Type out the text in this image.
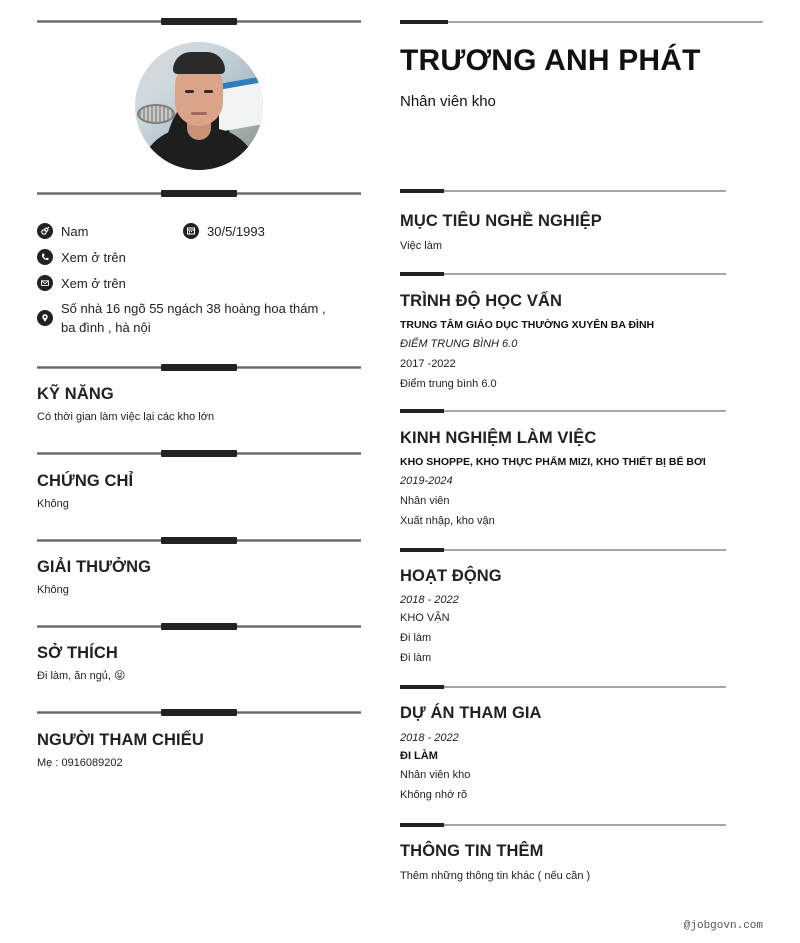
Nam	30/5/1993
Xem ở trên
Xem ở trên
Số nhà 16 ngõ 55 ngách 38 hoàng hoa thám , ba đình , hà nội
KỸ NĂNG

Có thời gian làm việc lại các kho lớn

CHỨNG CHỈ

Không

GIẢI THƯỞNG

Không

SỞ THÍCH

Đi làm, ăn ngủ, 😝

NGƯỜI THAM CHIẾU

Mẹ : 0916089202

TRƯƠNG ANH PHÁT
Nhân viên kho
MỤC TIÊU NGHỀ NGHIỆP
Việc làm
TRÌNH ĐỘ HỌC VẤN
TRUNG TÂM GIÁO DỤC THƯỜNG XUYÊN BA ĐÌNH
ĐIỂM TRUNG BÌNH 6.0
2017 -2022
Điểm trung bình 6.0
KINH NGHIỆM LÀM VIỆC
KHO SHOPPE, KHO THỰC PHẨM MIZI, KHO THIẾT BỊ BỂ BƠI
2019-2024
Nhân viên
Xuất nhập, kho vận
HOẠT ĐỘNG
2018 - 2022
KHO VẬN
Đi làm
Đi làm
DỰ ÁN THAM GIA
2018 - 2022
ĐI LÀM
Nhân viên kho
Không nhớ rõ
THÔNG TIN THÊM
Thêm những thông tin khác ( nếu cần )
@jobgovn.com
